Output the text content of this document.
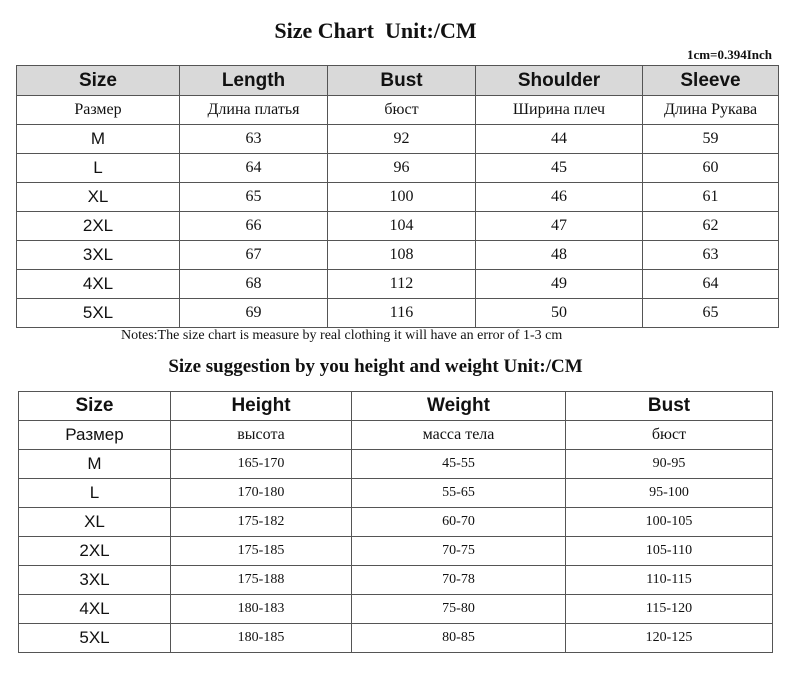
Size Chart  Unit:/CM
1cm=0.394Inch
Size	Length	Bust	Shoulder	Sleeve
Размер	Длина платья	бюст	Ширина плеч	Длина Рукава
M	63	92	44	59
L	64	96	45	60
XL	65	100	46	61
2XL	66	104	47	62
3XL	67	108	48	63
4XL	68	112	49	64
5XL	69	116	50	65
Notes:The size chart is measure by real clothing it will have an error of 1-3 cm
Size suggestion by you height and weight Unit:/CM
Size	Height	Weight	Bust
Размер	высота	масса тела	бюст
M	165-170	45-55	90-95
L	170-180	55-65	95-100
XL	175-182	60-70	100-105
2XL	175-185	70-75	105-110
3XL	175-188	70-78	110-115
4XL	180-183	75-80	115-120
5XL	180-185	80-85	120-125
